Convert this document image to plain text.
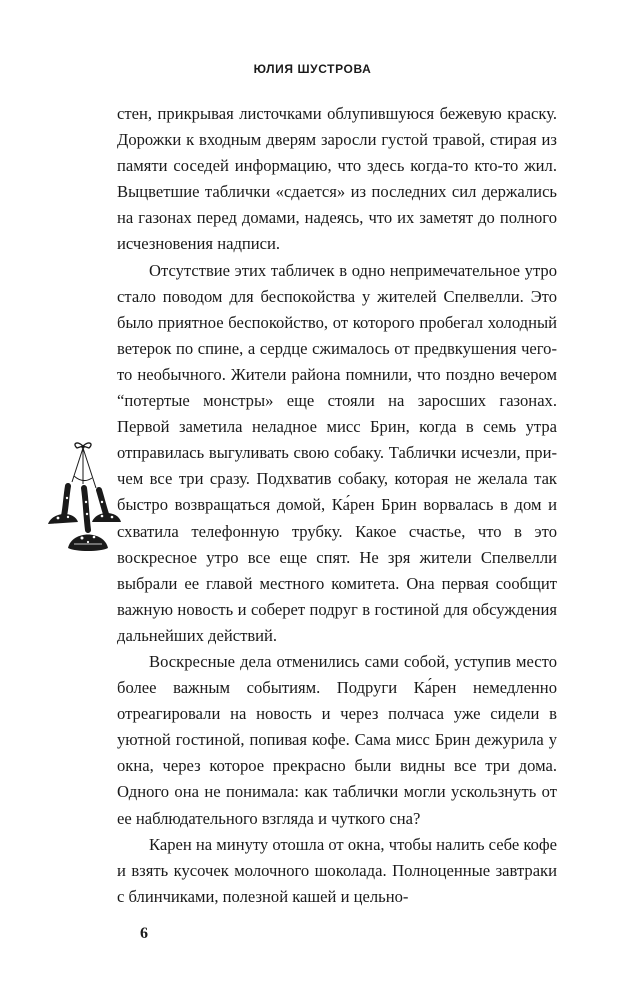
ЮЛИЯ ШУСТРОВА

стен, прикрывая листочками облупившуюся бежевую краску. Дорожки к входным дверям заросли густой травой, стирая из памяти соседей информацию, что здесь когда-то кто-то жил. Выцветшие таблички «сдается» из последних сил держались на газонах перед домами, надеясь, что их заметят до полного исчезновения надписи.

Отсутствие этих табличек в одно непримечательное утро стало поводом для беспокойства у жителей Спелвелли. Это было приятное беспокойство, от которого пробегал холодный ветерок по спине, а сердце сжималось от предвкушения чего-то необычного. Жители района помнили, что поздно вечером “потертые монстры» еще стояли на заросших газонах. Первой заметила неладное мисс Брин, когда в семь утра отправилась выгуливать свою собаку. Таблички исчезли, причем все три сразу. Подхватив собаку, которая не желала так быстро возвращаться домой, Ка́рен Брин ворвалась в дом и схватила телефонную трубку. Какое счастье, что в это воскресное утро все еще спят. Не зря жители Спелвелли выбрали ее главой местного комитета. Она первая сообщит важную новость и соберет подруг в гостиной для обсуждения дальнейших действий.

Воскресные дела отменились сами собой, уступив место более важным событиям. Подруги Ка́рен немедленно отреагировали на новость и через полчаса уже сидели в уютной гостиной, попивая кофе. Сама мисс Брин дежурила у окна, через которое прекрасно были видны все три дома. Одного она не понимала: как таблички могли ускользнуть от ее наблюдательного взгляда и чуткого сна?

Карен на минуту отошла от окна, чтобы налить себе кофе и взять кусочек молочного шоколада. Полноценные завтраки с блинчиками, полезной кашей и цельно-

6
